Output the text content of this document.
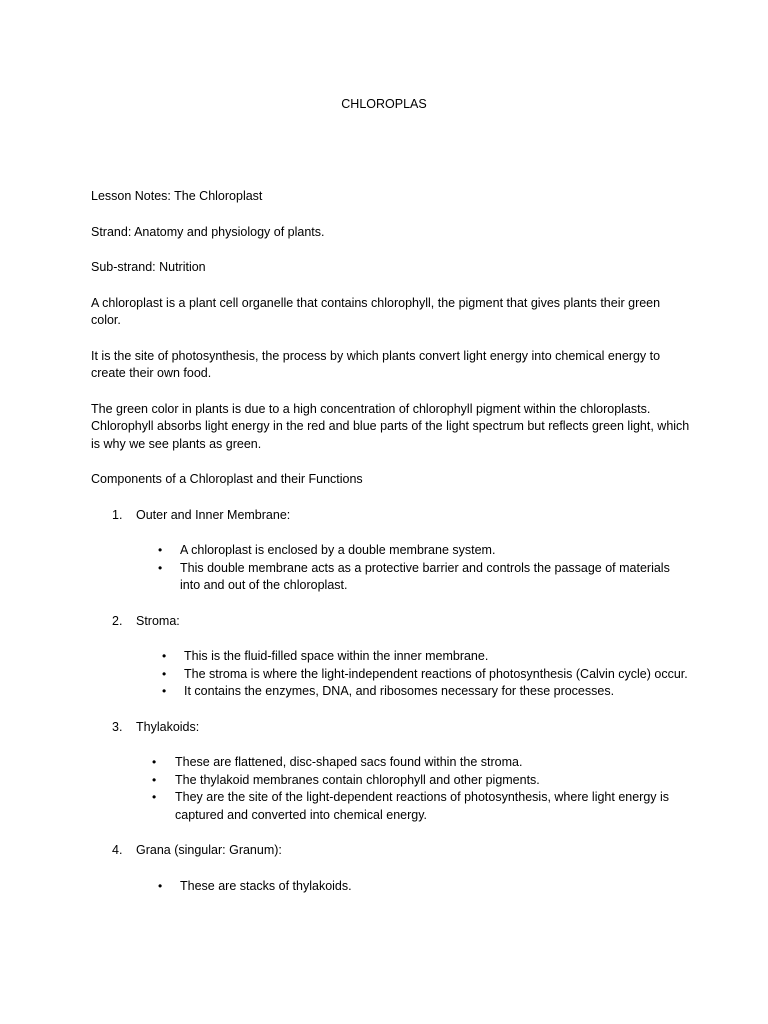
CHLOROPLAS

Lesson Notes: The Chloroplast

Strand: Anatomy and physiology of plants.

Sub-strand: Nutrition

A chloroplast is a plant cell organelle that contains chlorophyll, the pigment that gives plants their green color.

It is the site of photosynthesis, the process by which plants convert light energy into chemical energy to create their own food.

The green color in plants is due to a high concentration of chlorophyll pigment within the chloroplasts. Chlorophyll absorbs light energy in the red and blue parts of the light spectrum but reflects green light, which is why we see plants as green.

Components of a Chloroplast and their Functions

1. Outer and Inner Membrane:
• A chloroplast is enclosed by a double membrane system.
• This double membrane acts as a protective barrier and controls the passage of materials into and out of the chloroplast.
2. Stroma:
• This is the fluid-filled space within the inner membrane.
• The stroma is where the light-independent reactions of photosynthesis (Calvin cycle) occur.
• It contains the enzymes, DNA, and ribosomes necessary for these processes.
3. Thylakoids:
• These are flattened, disc-shaped sacs found within the stroma.
• The thylakoid membranes contain chlorophyll and other pigments.
• They are the site of the light-dependent reactions of photosynthesis, where light energy is captured and converted into chemical energy.
4. Grana (singular: Granum):
• These are stacks of thylakoids.
